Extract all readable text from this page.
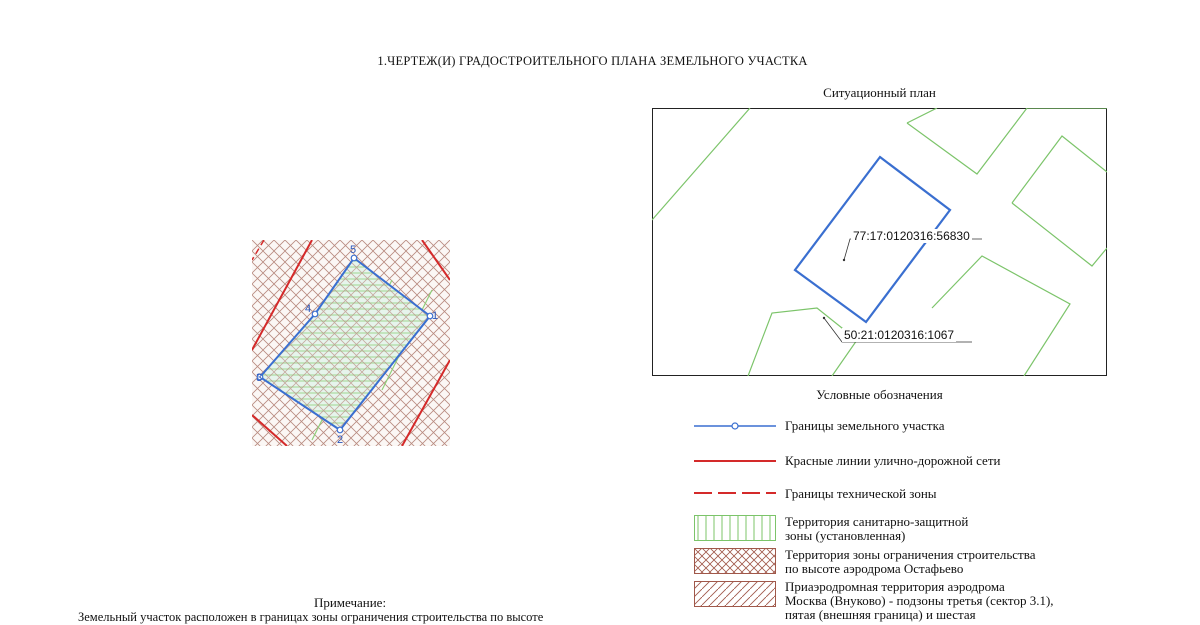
1.ЧЕРТЕЖ(И) ГРАДОСТРОИТЕЛЬНОГО ПЛАНА ЗЕМЕЛЬНОГО УЧАСТКА
5
1
2
3
4
Ситуационный план
77:17:0120316:56830
50:21:0120316:1067
Условные обозначения
Границы земельного участка
Красные линии улично-дорожной сети
Границы технической зоны
Территория санитарно-защитной
зоны (установленная)
Территория зоны ограничения строительства
по высоте аэродрома Остафьево
Приаэродромная территория аэродрома
Москва (Внуково) - подзоны третья (сектор 3.1),
пятая (внешняя граница) и шестая
Примечание:
Земельный участок расположен в границах зоны ограничения строительства по высоте
